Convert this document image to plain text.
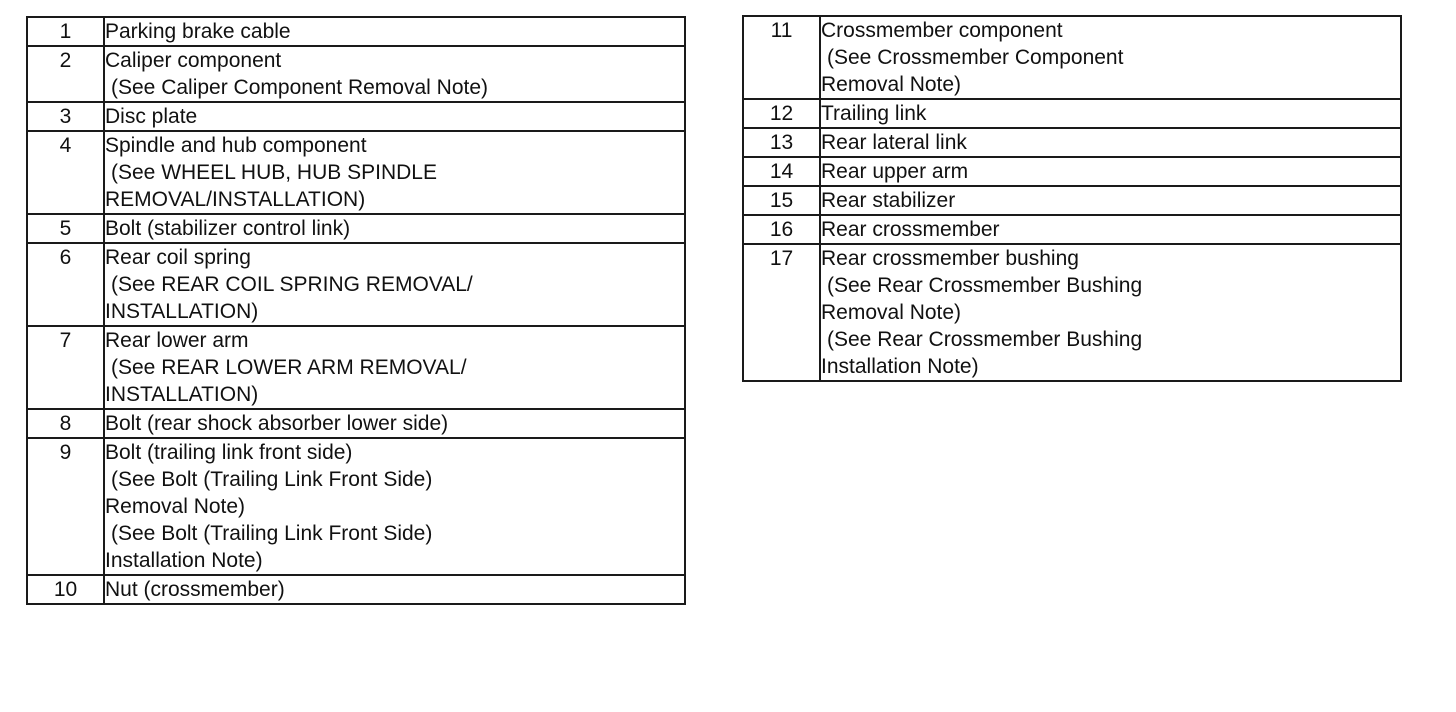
1	Parking brake cable

2	Caliper component
(See Caliper Component Removal Note)

3	Disc plate

4	Spindle and hub component
(See WHEEL HUB, HUB SPINDLE
REMOVAL/INSTALLATION)

5	Bolt (stabilizer control link)

6	Rear coil spring
(See REAR COIL SPRING REMOVAL/
INSTALLATION)

7	Rear lower arm
(See REAR LOWER ARM REMOVAL/
INSTALLATION)

8	Bolt (rear shock absorber lower side)

9	Bolt (trailing link front side)
(See Bolt (Trailing Link Front Side)
Removal Note)
(See Bolt (Trailing Link Front Side)
Installation Note)

10	Nut (crossmember)
11	Crossmember component
(See Crossmember Component
Removal Note)

12	Trailing link

13	Rear lateral link

14	Rear upper arm

15	Rear stabilizer

16	Rear crossmember

17	Rear crossmember bushing
(See Rear Crossmember Bushing
Removal Note)
(See Rear Crossmember Bushing
Installation Note)
